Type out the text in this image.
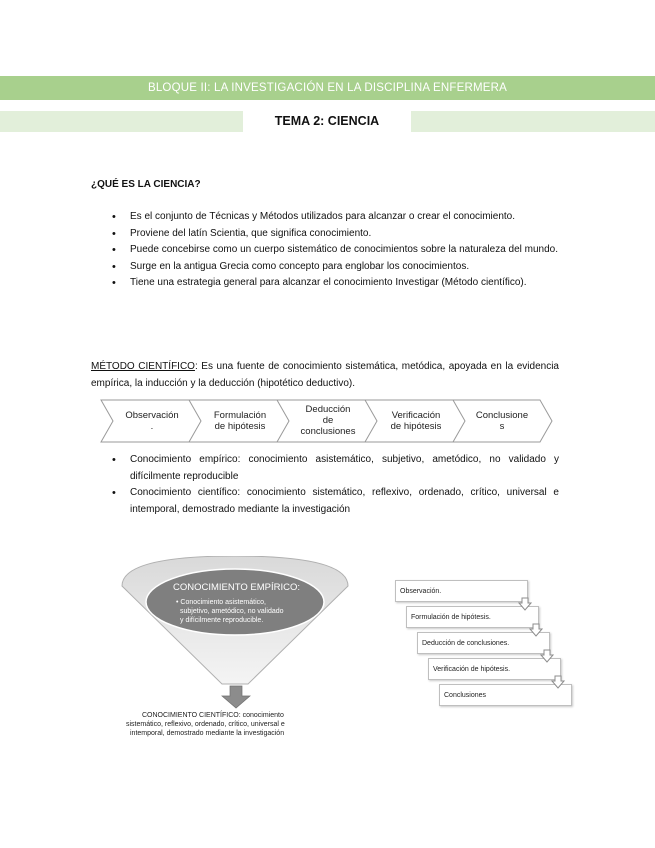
BLOQUE II: LA INVESTIGACIÓN EN LA DISCIPLINA ENFERMERA
TEMA 2: CIENCIA
¿QUÉ ES LA CIENCIA?
• Es el conjunto de Técnicas y Métodos utilizados para alcanzar o crear el conocimiento.
• Proviene del latín Scientia, que significa conocimiento.
• Puede concebirse como un cuerpo sistemático de conocimientos sobre la naturaleza del mundo.
• Surge en la antigua Grecia como concepto para englobar los conocimientos.
• Tiene una estrategia general para alcanzar el conocimiento Investigar (Método científico).
MÉTODO CIENTÍFICO: Es una fuente de conocimiento sistemática, metódica, apoyada en la evidencia empírica, la inducción y la deducción (hipotético deductivo).
Observación
.
Formulación
de hipótesis
Deducción
de
conclusiones
Verificación
de hipótesis
Conclusione
s
• Conocimiento empírico: conocimiento asistemático, subjetivo, ametódico, no validado y difícilmente reproducible
• Conocimiento científico: conocimiento sistemático, reflexivo, ordenado, crítico, universal e intemporal, demostrado mediante la investigación
CONOCIMIENTO EMPÍRICO:
• Conocimiento asistemático,
subjetivo, ametódico, no validado
y difícilmente reproducible.
CONOCIMIENTO CIENTÍFICO: conocimiento
sistemático, reflexivo, ordenado, crítico, universal e
intemporal, demostrado mediante la investigación
Observación.
Formulación de hipótesis.
Deducción de conclusiones.
Verificación de hipótesis.
Conclusiones
